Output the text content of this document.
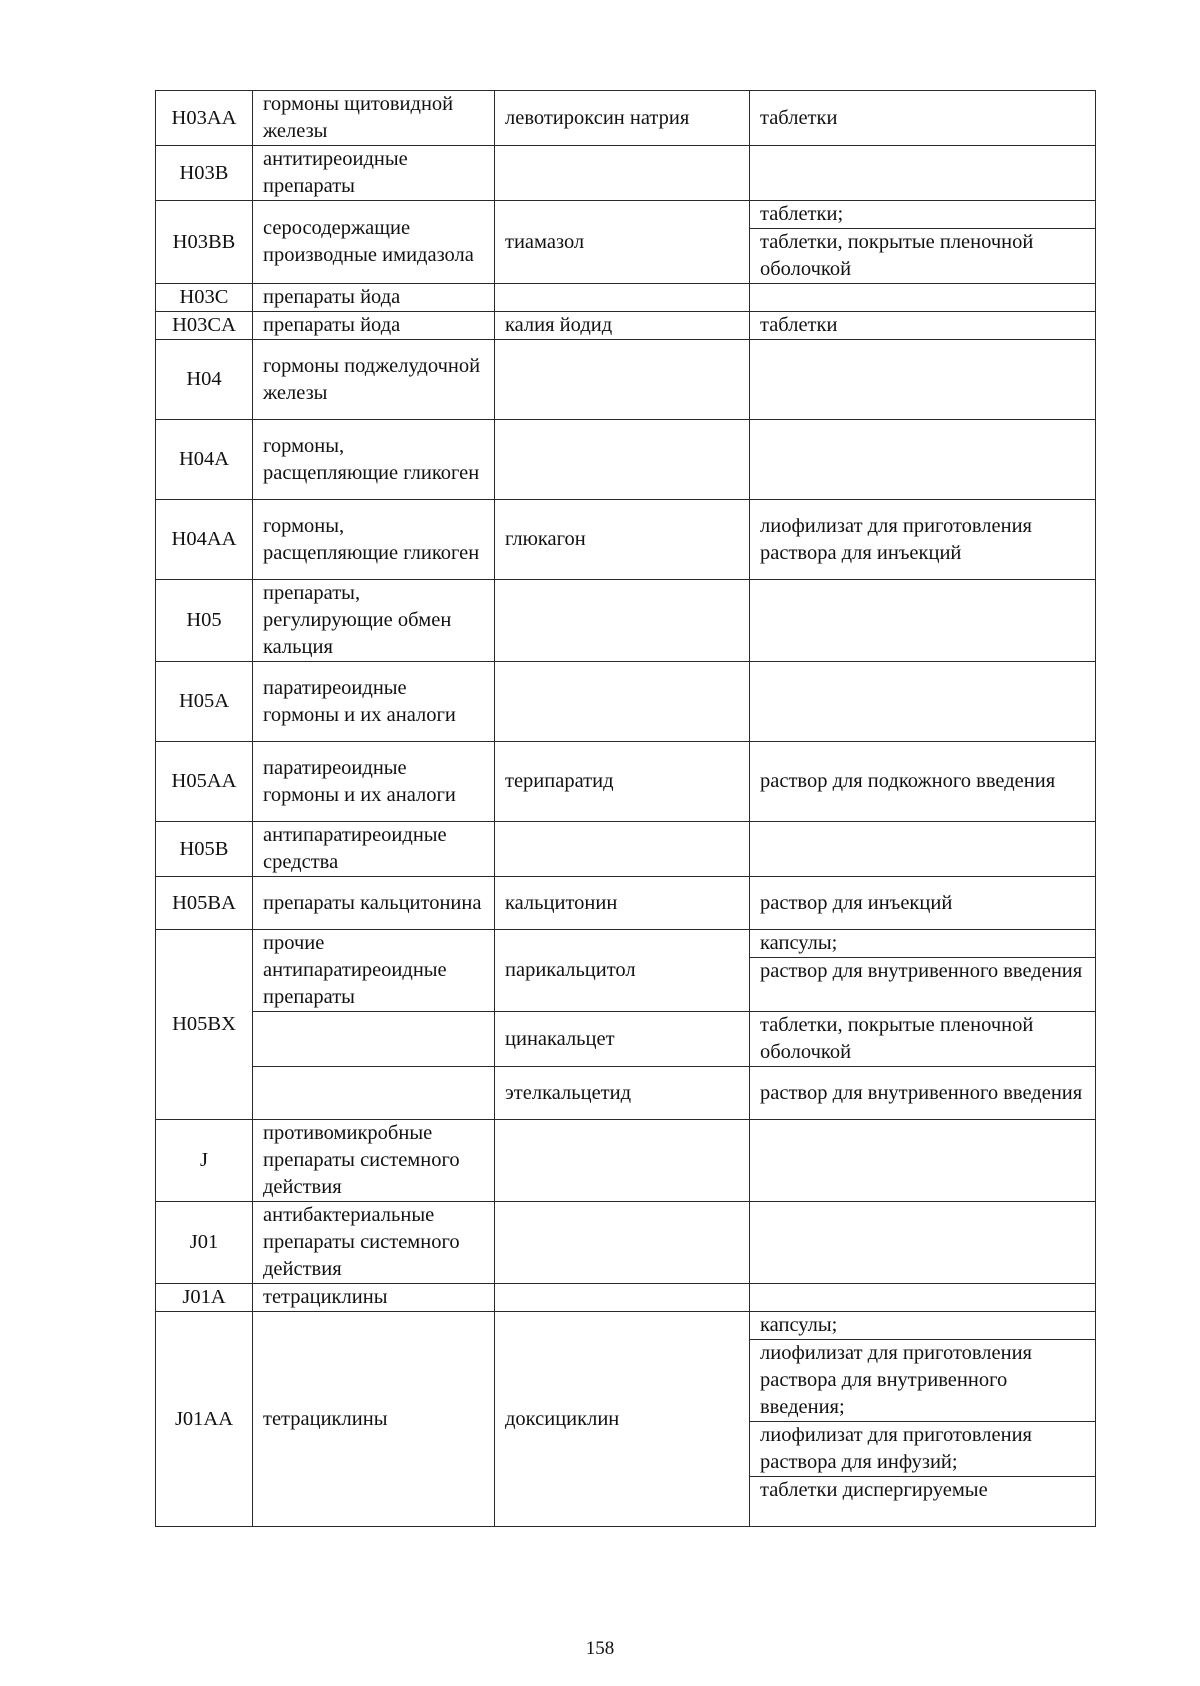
H03AA	гормоны щитовидной железы	левотироксин натрия	таблетки

H03B	антитиреоидные препараты		

H03BB	серосодержащие производные имидазола	тиамазол	таблетки;
таблетки, покрытые пленочной оболочкой

H03C	препараты йода		

H03CA	препараты йода	калия йодид	таблетки

H04	гормоны поджелудочной железы		

H04A	гормоны, расщепляющие гликоген		

H04AA	гормоны, расщепляющие гликоген	глюкагон	лиофилизат для приготовления раствора для инъекций

H05	препараты, регулирующие обмен кальция		

H05A	паратиреоидные гормоны и их аналоги		

H05AA	паратиреоидные гормоны и их аналоги	терипаратид	раствор для подкожного введения

H05B	антипаратиреоидные средства		

H05BA	препараты кальцитонина	кальцитонин	раствор для инъекций

H05BX	прочие антипаратиреоидные препараты	парикальцитол	капсулы;
раствор для внутривенного введения

		цинакальцет	таблетки, покрытые пленочной оболочкой

		этелкальцетид	раствор для внутривенного введения

J	противомикробные препараты системного действия		

J01	антибактериальные препараты системного действия		

J01A	тетрациклины		

J01AA	тетрациклины	доксициклин	капсулы;
лиофилизат для приготовления раствора для внутривенного введения;
лиофилизат для приготовления раствора для инфузий;
таблетки диспергируемые
158
